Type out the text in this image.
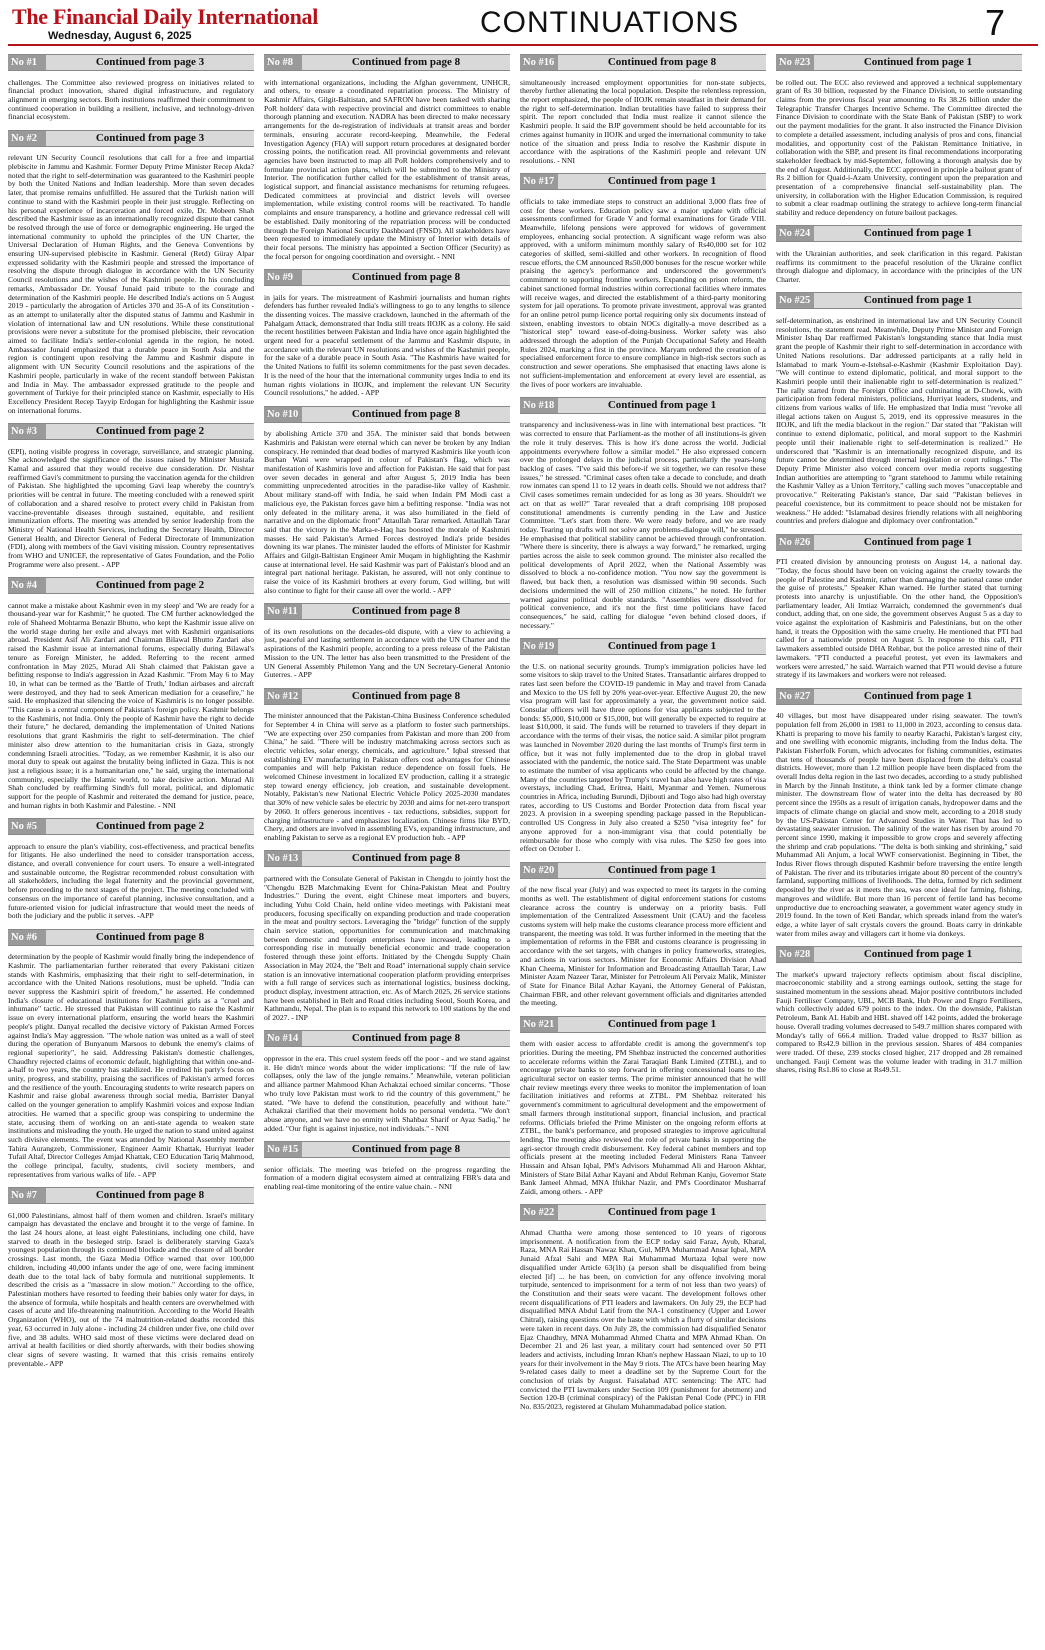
The Financial Daily International
Wednesday, August 6, 2025	CONTINUATIONS	7
No #1	Continued from page 3

challenges. The Committee also reviewed progress on initiatives related to financial product innovation, shared digital infrastructure, and regulatory alignment in emerging sectors. Both institutions reaffirmed their commitment to continued cooperation in building a resilient, inclusive, and technology-driven financial ecosystem.

No #2	Continued from page 3

relevant UN Security Council resolutions that call for a free and impartial plebiscite in Jammu and Kashmir. Former Deputy Prime Minister Recep Akda? noted that the right to self-determination was guaranteed to the Kashmiri people by both the United Nations and Indian leadership. More than seven decades later, that promise remains unfulfilled. He assured that the Turkish nation will continue to stand with the Kashmiri people in their just struggle. Reflecting on his personal experience of incarceration and forced exile, Dr. Mobeen Shah described the Kashmir issue as an internationally recognized dispute that cannot be resolved through the use of force or demographic engineering. He urged the international community to uphold the principles of the UN Charter, the Universal Declaration of Human Rights, and the Geneva Conventions by ensuring UN-supervised plebiscite in Kashmir. General (Retd) Güray Alpar expressed solidarity with the Kashmiri people and stressed the importance of resolving the dispute through dialogue in accordance with the UN Security Council resolutions and the wishes of the Kashmiri people. In his concluding remarks, Ambassador Dr. Yousaf Junaid paid tribute to the courage and determination of the Kashmiri people. He described India's actions on 5 August 2019 - particularly the abrogation of Articles 370 and 35-A of its Constitution - as an attempt to unilaterally alter the disputed status of Jammu and Kashmir in violation of international law and UN resolutions. While these constitutional provisions were never a substitute for the promised plebiscite, their revocation aimed to facilitate India's settler-colonial agenda in the region, he noted. Ambassador Junaid emphasized that a durable peace in South Asia and the region is contingent upon resolving the Jammu and Kashmir dispute in alignment with UN Security Council resolutions and the aspirations of the Kashmiri people, particularly in wake of the recent standoff between Pakistan and India in May. The ambassador expressed gratitude to the people and government of Turkiye for their principled stance on Kashmir, especially to His Excellency President Recep Tayyip Erdogan for highlighting the Kashmir issue on international forums.

No #3	Continued from page 2

(EPI), noting visible progress in coverage, surveillance, and strategic planning. She acknowledged the significance of the issues raised by Minister Mustafa Kamal and assured that they would receive due consideration. Dr. Nishtar reaffirmed Gavi's commitment to pursing the vaccination agenda for the children of Pakistan. She highlighted the upcoming Gavi leap whereby the country's priorities will be central in future. The meeting concluded with a renewed spirit of collaboration and a shared resolve to protect every child in Pakistan from vaccine-preventable diseases through sustained, equitable, and resilient immunization efforts. The meeting was attended by senior leadership from the Ministry of National Health Services, including the Secretary Health, Director General Health, and Director General of Federal Directorate of Immunization (FDI), along with members of the Gavi visiting mission. Country representatives from WHO and UNICEF, the representative of Gates Foundation, and the Polio Programme were also present. - APP

No #4	Continued from page 2

cannot make a mistake about Kashmir even in my sleep' and 'We are ready for a thousand-year war for Kashmir,'" he quoted. The CM further acknowledged the role of Shaheed Mohtarma Benazir Bhutto, who kept the Kashmir issue alive on the world stage during her exile and always met with Kashmiri organisations abroad. President Asif Ali Zardari and Chairman Bilawal Bhutto Zardari also raised the Kashmir issue at international forums, especially during Bilawal's tenure as Foreign Minister, he added. Referring to the recent armed confrontation in May 2025, Murad Ali Shah claimed that Pakistan gave a befitting response to India's aggression in Azad Kashmir. "From May 6 to May 10, in what can be termed as the 'Battle of Truth,' Indian airbases and aircraft were destroyed, and they had to seek American mediation for a ceasefire," he said. He emphasized that silencing the voice of Kashmiris is no longer possible. "This cause is a central component of Pakistan's foreign policy. Kashmir belongs to the Kashmiris, not India. Only the people of Kashmir have the right to decide their future," he declared, demanding the implementation of United Nations resolutions that grant Kashmiris the right to self-determination. The chief minister also drew attention to the humanitarian crisis in Gaza, strongly condemning Israeli atrocities. "Today, as we remember Kashmir, it is also our moral duty to speak out against the brutality being inflicted in Gaza. This is not just a religious issue; it is a humanitarian one," he said, urging the international community, especially the Islamic world, to take decisive action. Murad Ali Shah concluded by reaffirming Sindh's full moral, political, and diplomatic support for the people of Kashmir and reiterated the demand for justice, peace, and human rights in both Kashmir and Palestine. - NNI

No #5	Continued from page 2

approach to ensure the plan's viability, cost-effectiveness, and practical benefits for litigants. He also underlined the need to consider transportation access, distance, and overall convenience for court users. To ensure a well-integrated and sustainable outcome, the Registrar recommended robust consultation with all stakeholders, including the legal fraternity and the provincial government, before proceeding to the next stages of the project. The meeting concluded with consensus on the importance of careful planning, inclusive consultation, and a future-oriented vision for judicial infrastructure that would meet the needs of both the judiciary and the public it serves. -APP

No #6	Continued from page 8

determination by the people of Kashmir would finally bring the independence of Kashmir. The parliamentarian further reiterated that every Pakistani citizen stands with Kashmiris, emphasizing that their right to self-determination, in accordance with the United Nations resolutions, must be upheld. "India can never suppress the Kashmiri spirit of freedom," he asserted. He condemned India's closure of educational institutions for Kashmiri girls as a "cruel and inhumane" tactic. He stressed that Pakistan will continue to raise the Kashmir issue on every international platform, ensuring the world hears the Kashmiri people's plight. Danyal recalled the decisive victory of Pakistan Armed Forces against India's May aggression. "The whole nation was united as a wall of steel during the operation of Bunyanum Marsoos to debunk the enemy's claims of regional superiority", he said. Addressing Pakistan's domestic challenges, Chaudhry rejected claims of economic default, highlighting that within one-and-a-half to two years, the country has stabilized. He credited his party's focus on unity, progress, and stability, praising the sacrifices of Pakistan's armed forces and the resilience of the youth. Encouraging students to write research papers on Kashmir and raise global awareness through social media, Barrister Danyal called on the younger generation to amplify Kashmiri voices and expose Indian atrocities. He warned that a specific group was conspiring to undermine the state, accusing them of working on an anti-state agenda to weaken state institutions and misleading the youth. He urged the nation to stand united against such divisive elements. The event was attended by National Assembly member Tahira Aurangzeb, Commissioner, Engineer Aamir Khattak, Hurriyat leader Tufail Altaf, Director Colleges Amjad Khattak, CEO Education Tariq Mahmood, the college principal, faculty, students, civil society members, and representatives from various walks of life. - APP

No #7	Continued from page 8

61,000 Palestinians, almost half of them women and children. Israel's military campaign has devastated the enclave and brought it to the verge of famine. In the last 24 hours alone, at least eight Palestinians, including one child, have starved to death in the besieged strip. Israel is deliberately starving Gaza's youngest population through its continued blockade and the closure of all border crossings. Last month, the Gaza Media Office warned that over 100,000 children, including 40,000 infants under the age of one, were facing imminent death due to the total lack of baby formula and nutritional supplements. It described the crisis as a "massacre in slow motion." According to the office, Palestinian mothers have resorted to feeding their babies only water for days, in the absence of formula, while hospitals and health centers are overwhelmed with cases of acute and life-threatening malnutrition. According to the World Health Organization (WHO), out of the 74 malnutrition-related deaths recorded this year, 63 occurred in July alone - including 24 children under five, one child over five, and 38 adults. WHO said most of these victims were declared dead on arrival at health facilities or died shortly afterwards, with their bodies showing clear signs of severe wasting. It warned that this crisis remains entirely preventable.- APP

No #8	Continued from page 8

with international organizations, including the Afghan government, UNHCR, and others, to ensure a coordinated repatriation process. The Ministry of Kashmir Affairs, Gilgit-Baltistan, and SAFRON have been tasked with sharing PoR holders' data with respective provincial and district committees to enable thorough planning and execution. NADRA has been directed to make necessary arrangements for the de-registration of individuals at transit areas and border terminals, ensuring accurate record-keeping. Meanwhile, the Federal Investigation Agency (FIA) will support return procedures at designated border crossing points, the notification read. All provincial governments and relevant agencies have been instructed to map all PoR holders comprehensively and to formulate provincial action plans, which will be submitted to the Ministry of Interior. The notification further called for the establishment of transit areas, logistical support, and financial assistance mechanisms for returning refugees. Dedicated committees at provincial and district levels will oversee implementation, while existing control rooms will be reactivated. To handle complaints and ensure transparency, a hotline and grievance redressal cell will be established. Daily monitoring of the repatriation process will be conducted through the Foreign National Security Dashboard (FNSD). All stakeholders have been requested to immediately update the Ministry of Interior with details of their focal persons. The ministry has appointed a Section Officer (Security) as the focal person for ongoing coordination and oversight. - NNI

No #9	Continued from page 8

in jails for years. The mistreatment of Kashmiri journalists and human rights defenders has further revealed India's willingness to go to any lengths to silence the dissenting voices. The massive crackdown, launched in the aftermath of the Pahalgam Attack, demonstrated that India still treats IIOJK as a colony. He said the recent hostilities between Pakistan and India have once again highlighted the urgent need for a peaceful settlement of the Jammu and Kashmir dispute, in accordance with the relevant UN resolutions and wishes of the Kashmiri people, for the sake of a durable peace in South Asia. "The Kashmiris have waited for the United Nations to fulfil its solemn commitments for the past seven decades. It is the need of the hour that the international community urges India to end its human rights violations in IIOJK, and implement the relevant UN Security Council resolutions," he added. - APP

No #10	Continued from page 8

by abolishing Article 370 and 35A. The minister said that bonds between Kashmiris and Pakistan were eternal which can never be broken by any Indian conspiracy. He reminded that dead bodies of martyred Kashmiris like youth icon Burhan Wani were wrapped in colour of Pakistan's flag, which was manifestation of Kashmiris love and affection for Pakistan. He said that for past over seven decades in general and after August 5, 2019 India has been committing unprecedented atrocities in the paradise-like valley of Kashmir. About military stand-off with India, he said when Indain PM Modi cast a malicious eye, the Pakistan forces gave him a befitting response. "India was not only defeated in the military arena, it was also humiliated in the field of narrative and on the diplomatic front" Attaullah Tarar remarked. Attaullah Tarar said that the victory in the Marka-e-Haq has boosted the morale of Kashmiri masses. He said Pakistan's Armed Forces destroyed India's pride besides downing its war planes. The minister lauded the efforts of Minister for Kashmir Affairs and Gilgit-Baltistan Engineer Amir Muqam in highlighting the Kashmir cause at international level. He said Kashmir was part of Pakistan's blood and an integral part national heritage. Pakistan, he assured, will not only continue to raise the voice of its Kashmiri brothers at every forum, God willing, but will also continue to fight for their cause all over the world. - APP

No #11	Continued from page 8

of its own resolutions on the decades-old dispute, with a view to achieving a just, peaceful and lasting settlement in accordance with the UN Charter and the aspirations of the Kashmiri people, according to a press release of the Pakistan Mission to the UN. The letter has also been transmitted to the President of the UN General Assembly Philemon Yang and the UN Secretary-General Antonio Guterres. - APP

No #12	Continued from page 8

The minister announced that the Pakistan-China Business Conference scheduled for September 4 in China will serve as a platform to foster such partnerships. "We are expecting over 250 companies from Pakistan and more than 200 from China," he said. "There will be industry matchmaking across sectors such as electric vehicles, solar energy, chemicals, and agriculture." Iqbal stressed that establishing EV manufacturing in Pakistan offers cost advantages for Chinese companies and will help Pakistan reduce dependence on fossil fuels. He welcomed Chinese investment in localized EV production, calling it a strategic step toward energy efficiency, job creation, and sustainable development. Notably, Pakistan's new National Electric Vehicle Policy 2025-2030 mandates that 30% of new vehicle sales be electric by 2030 and aims for net-zero transport by 2060. It offers generous incentives - tax reductions, subsidies, support for charging infrastructure - and emphasizes localization. Chinese firms like BYD, Chery, and others are involved in assembling EVs, expanding infrastructure, and enabling Pakistan to serve as a regional EV production hub. - APP

No #13	Continued from page 8

partnered with the Consulate General of Pakistan in Chengdu to jointly host the "Chengdu B2B Matchmaking Event for China-Pakistan Meat and Poultry Industries." During the event, eight Chinese meat importers and buyers, including Yuhu Cold Chain, held online video meetings with Pakistani meat producers, focusing specifically on expanding production and trade cooperation in the meat and poultry sectors. Leveraging the "bridge" function of the supply chain service station, opportunities for communication and matchmaking between domestic and foreign enterprises have increased, leading to a corresponding rise in mutually beneficial economic and trade cooperation fostered through these joint efforts. Initiated by the Chengdu Supply Chain Association in May 2024, the "Belt and Road" international supply chain service station is an innovative international cooperation platform providing enterprises with a full range of services such as international logistics, business docking, product display, investment attraction, etc. As of March 2025, 26 service stations have been established in Belt and Road cities including Seoul, South Korea, and Kathmandu, Nepal. The plan is to expand this network to 100 stations by the end of 2027. - INP

No #14	Continued from page 8

oppressor in the era. This cruel system feeds off the poor - and we stand against it. He didn't mince words about the wider implications: "If the rule of law collapses, only the law of the jungle remains." Meanwhile, veteran politician and alliance partner Mahmood Khan Achakzai echoed similar concerns. "Those who truly love Pakistan must work to rid the country of this government," he stated. "We have to defend the constitution, peacefully and without hate." Achakzai clarified that their movement holds no personal vendetta. "We don't abuse anyone, and we have no enmity with Shahbaz Sharif or Ayaz Sadiq," he added. "Our fight is against injustice, not individuals." - NNI

No #15	Continued from page 8

senior officials. The meeting was briefed on the progress regarding the formation of a modern digital ecosystem aimed at centralizing FBR's data and enabling real-time monitoring of the entire value chain. - NNI

No #16	Continued from page 8

simultaneously increased employment opportunities for non-state subjects, thereby further alienating the local population. Despite the relentless repression, the report emphasized, the people of IIOJK remain steadfast in their demand for the right to self-determination. Indian brutalities have failed to suppress their spirit. The report concluded that India must realize it cannot silence the Kashmiri people. It said the BJP government should be held accountable for its crimes against humanity in IIOJK and urged the international community to take notice of the situation and press India to resolve the Kashmir dispute in accordance with the aspirations of the Kashmiri people and relevant UN resolutions. - NNI

No #17	Continued from page 1

officials to take immediate steps to construct an additional 3,000 flats free of cost for these workers. Education policy saw a major update with official assessments confirmed for Grade V and formal examinations for Grade VIII. Meanwhile, lifelong pensions were approved for widows of government employees, enhancing social protection. A significant wage reform was also approved, with a uniform minimum monthly salary of Rs40,000 set for 102 categories of skilled, semi-skilled and other workers. In recognition of flood rescue efforts, the CM announced Rs50,000 bonuses for the rescue worker while praising the agency's performance and underscored the government's commitment to supporting frontline workers. Expanding on prison reform, the cabinet sanctioned formal industries within correctional facilities where inmates will receive wages, and directed the establishment of a third-party monitoring system for jail operations. To promote private investment, approval was granted for an online petrol pump licence portal requiring only six documents instead of sixteen, enabling investors to obtain NOCs digitally-a move described as a "historical step" toward ease-of-doing-business. Worker safety was also addressed through the adoption of the Punjab Occupational Safety and Health Rules 2024, marking a first in the province. Maryam ordered the creation of a specialised enforcement force to ensure compliance in high-risk sectors such as construction and sewer operations. She emphasised that enacting laws alone is not sufficient-implementation and enforcement at every level are essential, as the lives of poor workers are invaluable.

No #18	Continued from page 1

transparency and inclusiveness-was in line with international best practices. "It was corrected to ensure that Parliament-as the mother of all institutions-is given the role it truly deserves. This is how it's done across the world. Judicial appointments everywhere follow a similar model." He also expressed concern over the prolonged delays in the judicial process, particularly the years-long backlog of cases. "I've said this before-if we sit together, we can resolve these issues," he stressed. "Criminal cases often take a decade to conclude, and death row inmates can spend 11 to 12 years in death cells. Should we not address that? Civil cases sometimes remain undecided for as long as 30 years. Shouldn't we act on that as well?" Tarar revealed that a draft comprising 108 proposed constitutional amendments is currently pending in the Law and Justice Committee. "Let's start from there. We were ready before, and we are ready today. Tearing up drafts will not solve any problems-dialogue will," he stressed. He emphasised that political stability cannot be achieved through confrontation. "Where there is sincerity, there is always a way forward," he remarked, urging parties across the aisle to seek common ground. The minister also recalled the political developments of April 2022, when the National Assembly was dissolved to block a no-confidence motion. "You now say the government is flawed, but back then, a resolution was dismissed within 90 seconds. Such decisions undermined the will of 250 million citizens," he noted. He further warned against political double standards. "Assemblies were dissolved for political convenience, and it's not the first time politicians have faced consequences," he said, calling for dialogue "even behind closed doors, if necessary."

No #19	Continued from page 1

the U.S. on national security grounds. Trump's immigration policies have led some visitors to skip travel to the United States. Transatlantic airfares dropped to rates last seen before the COVID-19 pandemic in May and travel from Canada and Mexico to the US fell by 20% year-over-year. Effective August 20, the new visa program will last for approximately a year, the government notice said. Consular officers will have three options for visa applicants subjected to the bonds: $5,000, $10,000 or $15,000, but will generally be expected to require at least $10,000, it said. The funds will be returned to travelers if they depart in accordance with the terms of their visas, the notice said. A similar pilot program was launched in November 2020 during the last months of Trump's first term in office, but it was not fully implemented due to the drop in global travel associated with the pandemic, the notice said. The State Department was unable to estimate the number of visa applicants who could be affected by the change. Many of the countries targeted by Trump's travel ban also have high rates of visa overstays, including Chad, Eritrea, Haiti, Myanmar and Yemen. Numerous countries in Africa, including Burundi, Djibouti and Togo also had high overstay rates, according to US Customs and Border Protection data from fiscal year 2023. A provision in a sweeping spending package passed in the Republican-controlled US Congress in July also created a $250 "visa integrity fee" for anyone approved for a non-immigrant visa that could potentially be reimbursable for those who comply with visa rules. The $250 fee goes into effect on October 1.

No #20	Continued from page 1

of the new fiscal year (July) and was expected to meet its targets in the coming months as well. The establishment of digital enforcement stations for customs clearance across the country is underway on a priority basis. Full implementation of the Centralized Assessment Unit (CAU) and the faceless customs system will help make the customs clearance process more efficient and transparent, the meeting was told. It was further informed in the meeting that the implementation of reforms in the FBR and customs clearance is progressing in accordance with the set targets, with changes in policy frameworks, strategies, and actions in various sectors. Minister for Economic Affairs Division Ahad Khan Cheema, Minister for Information and Broadcasting Attaullah Tarar, Law Minister Azam Nazeer Tarar, Minister for Petroleum Ali Pervaiz Malik, Minister of State for Finance Bilal Azhar Kayani, the Attorney General of Pakistan, Chairman FBR, and other relevant government officials and dignitaries attended the meeting.

No #21	Continued from page 1

them with easier access to affordable credit is among the government's top priorities. During the meeting, PM Shehbaz instructed the concerned authorities to accelerate reforms within the Zarai Taraqiati Bank Limited (ZTBL), and to encourage private banks to step forward in offering concessional loans to the agricultural sector on easier terms. The prime minister announced that he will chair review meetings every three weeks to monitor the implementation of loan facilitation initiatives and reforms at ZTBL. PM Shehbaz reiterated his government's commitment to agricultural development and the empowerment of small farmers through institutional support, financial inclusion, and practical reforms. Officials briefed the Prime Minister on the ongoing reform efforts at ZTBL, the bank's performance, and proposed strategies to improve agricultural lending. The meeting also reviewed the role of private banks in supporting the agri-sector through credit disbursement. Key federal cabinet members and top officials present at the meeting included Federal Ministers Rana Tanveer Hussain and Ahsan Iqbal, PM's Advisors Muhammad Ali and Haroon Akhtar, Ministers of State Bilal Azhar Kayani and Abdul Rehman Kanju, Governor State Bank Jameel Ahmad, MNA Iftikhar Nazir, and PM's Coordinator Musharraf Zaidi, among others. - APP

No #22	Continued from page 1

Ahmad Chattha were among those sentenced to 10 years of rigorous imprisonment. A notification from the ECP today said Faraz, Ayub, Kharal, Raza, MNA Rai Hassan Nawaz Khan, Gul, MPA Muhammad Ansar Iqbal, MPA Junaid Afzal Sahi and MPA Rai Muhammad Murtaza Iqbal were now disqualified under Article 63(1h) (a person shall be disqualified from being elected [if] ... he has been, on conviction for any offence involving moral turpitude, sentenced to imprisonment for a term of not less than two years) of the Constitution and their seats were vacant. The development follows other recent disqualifications of PTI leaders and lawmakers. On July 29, the ECP had disqualified MNA Abdul Latif from the NA-1 constituency (Upper and Lower Chitral), raising questions over the haste with which a flurry of similar decisions were taken in recent days. On July 28, the commission had disqualified Senator Ejaz Chaudhry, MNA Muhammad Ahmed Chatta and MPA Ahmad Khan. On December 21 and 26 last year, a military court had sentenced over 50 PTI leaders and activists, including Imran Khan's nephew Hassaan Niazi, to up to 10 years for their involvement in the May 9 riots. The ATCs have been hearing May 9-related cases daily to meet a deadline set by the Supreme Court for the conclusion of trials by August. Faisalabad ATC sentencing: The ATC had convicted the PTI lawmakers under Section 109 (punishment for abetment) and Section 120-B (criminal conspiracy) of the Pakistan Penal Code (PPC) in FIR No. 835/2023, registered at Ghulam Muhammadabad police station.

No #23	Continued from page 1

be rolled out. The ECC also reviewed and approved a technical supplementary grant of Rs 30 billion, requested by the Finance Division, to settle outstanding claims from the previous fiscal year amounting to Rs 38.26 billion under the Telegraphic Transfer Charges Incentive Scheme. The Committee directed the Finance Division to coordinate with the State Bank of Pakistan (SBP) to work out the payment modalities for the grant. It also instructed the Finance Division to complete a detailed assessment, including analysis of pros and cons, financial modalities, and opportunity cost of the Pakistan Remittance Initiative, in collaboration with the SBP, and present its final recommendations incorporating stakeholder feedback by mid-September, following a thorough analysis due by the end of August. Additionally, the ECC approved in principle a bailout grant of Rs 2 billion for Quaid-i-Azam University, contingent upon the preparation and presentation of a comprehensive financial self-sustainability plan. The university, in collaboration with the Higher Education Commission, is required to submit a clear roadmap outlining the strategy to achieve long-term financial stability and reduce dependency on future bailout packages.

No #24	Continued from page 1

with the Ukrainian authorities, and seek clarification in this regard. Pakistan reaffirms its commitment to the peaceful resolution of the Ukraine conflict through dialogue and diplomacy, in accordance with the principles of the UN Charter.

No #25	Continued from page 1

self-determination, as enshrined in international law and UN Security Council resolutions, the statement read. Meanwhile, Deputy Prime Minister and Foreign Minister Ishaq Dar reaffirmed Pakistan's longstanding stance that India must grant the people of Kashmir their right to self-determination in accordance with United Nations resolutions. Dar addressed participants at a rally held in Islamabad to mark Youm-e-Istehsal-e-Kashmir (Kashmir Exploitation Day). "We will continue to extend diplomatic, political, and moral support to the Kashmiri people until their inalienable right to self-determination is realized." The rally started from the Foreign Office and culminating at D-Chowk, with participation from federal ministers, politicians, Hurriyat leaders, students, and citizens from various walks of life. He emphasized that India must "revoke all illegal actions taken on August 5, 2019, end its oppressive measures in the IIOJK, and lift the media blackout in the region." Dar stated that "Pakistan will continue to extend diplomatic, political, and moral support to the Kashmiri people until their inalienable right to self-determination is realized." He underscored that "Kashmir is an internationally recognized dispute, and its future cannot be determined through internal legislation or court rulings." The Deputy Prime Minister also voiced concern over media reports suggesting Indian authorities are attempting to "grant statehood to Jammu while retaining the Kashmir Valley as a Union Territory," calling such moves "unacceptable and provocative." Reiterating Pakistan's stance, Dar said "Pakistan believes in peaceful coexistence, but its commitment to peace should not be mistaken for weakness." He added: "Islamabad desires friendly relations with all neighboring countries and prefers dialogue and diplomacy over confrontation."

No #26	Continued from page 1

PTI created division by announcing protests on August 14, a national day. "Today, the focus should have been on voicing against the cruelty towards the people of Palestine and Kashmir, rather than damaging the national cause under the guise of protests," Speaker Khan warned. He further stated that turning protests into anarchy is unjustifiable. On the other hand, the Opposition's parliamentary leader, Ali Imtiaz Warraich, condemned the government's dual conduct, adding that, on one side, the government observes August 5 as a day to voice against the exploitation of Kashmiris and Palestinians, but on the other hand, it treats the Opposition with the same cruelty. He mentioned that PTI had called for a nationwide protest on August 5. In response to this call, PTI lawmakers assembled outside DHA Rehbar, but the police arrested nine of their lawmakers. "PTI conducted a peaceful protest, yet even its lawmakers and workers were arrested," he said. Warraich warned that PTI would devise a future strategy if its lawmakers and workers were not released.

No #27	Continued from page 1

40 villages, but most have disappeared under rising seawater. The town's population fell from 26,000 in 1981 to 11,000 in 2023, according to census data. Khatti is preparing to move his family to nearby Karachi, Pakistan's largest city, and one swelling with economic migrants, including from the Indus delta. The Pakistan Fisherfolk Forum, which advocates for fishing communities, estimates that tens of thousands of people have been displaced from the delta's coastal districts. However, more than 1.2 million people have been displaced from the overall Indus delta region in the last two decades, according to a study published in March by the Jinnah Institute, a think tank led by a former climate change minister. The downstream flow of water into the delta has decreased by 80 percent since the 1950s as a result of irrigation canals, hydropower dams and the impacts of climate change on glacial and snow melt, according to a 2018 study by the US-Pakistan Center for Advanced Studies in Water. That has led to devastating seawater intrusion. The salinity of the water has risen by around 70 percent since 1990, making it impossible to grow crops and severely affecting the shrimp and crab populations. "The delta is both sinking and shrinking," said Muhammad Ali Anjum, a local WWF conservationist. Beginning in Tibet, the Indus River flows through disputed Kashmir before traversing the entire length of Pakistan. The river and its tributaries irrigate about 80 percent of the country's farmland, supporting millions of livelihoods. The delta, formed by rich sediment deposited by the river as it meets the sea, was once ideal for farming, fishing, mangroves and wildlife. But more than 16 percent of fertile land has become unproductive due to encroaching seawater, a government water agency study in 2019 found. In the town of Keti Bandar, which spreads inland from the water's edge, a white layer of salt crystals covers the ground. Boats carry in drinkable water from miles away and villagers cart it home via donkeys.

No #28	Continued from page 1

The market's upward trajectory reflects optimism about fiscal discipline, macroeconomic stability and a strong earnings outlook, setting the stage for sustained momentum in the sessions ahead. Major positive contributors included Fauji Fertiliser Company, UBL, MCB Bank, Hub Power and Engro Fertilisers, which collectively added 679 points to the index. On the downside, Pakistan Petroleum, Bank AL Habib and HBL shaved off 142 points, added the brokerage house. Overall trading volumes decreased to 549.7 million shares compared with Monday's tally of 666.4 million. Traded value dropped to Rs37 billion as compared to Rs42.9 billion in the previous session. Shares of 484 companies were traded. Of these, 239 stocks closed higher, 217 dropped and 28 remained unchanged. Fauji Cement was the volume leader with trading in 31.7 million shares, rising Rs1.86 to close at Rs49.51.
